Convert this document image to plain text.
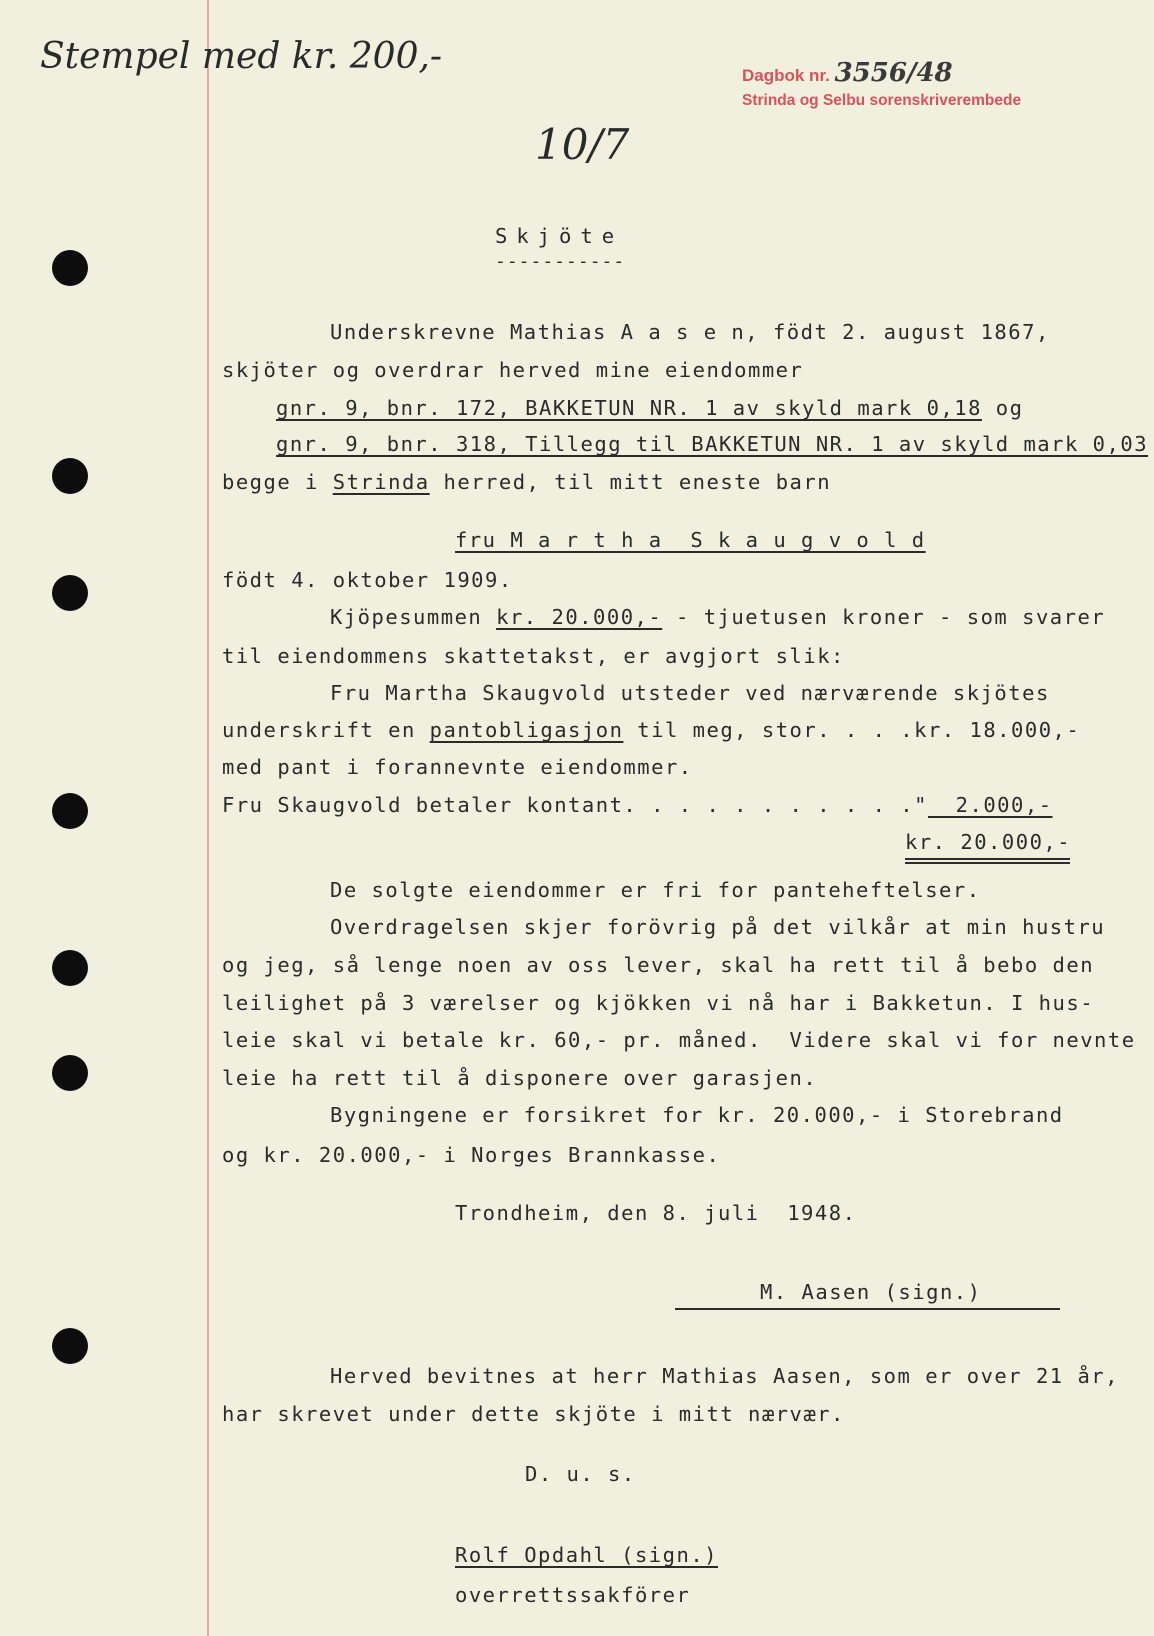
Stempel med kr. 200,-	Dagbok nr. 3556/48
Strinda og Selbu sorenskriverembede
10/7
Skjöte
-----------
Underskrevne Mathias A a s e n, födt 2. august 1867,
skjöter og overdrar herved mine eiendommer
gnr. 9, bnr. 172, BAKKETUN NR. 1 av skyld mark 0,18 og
gnr. 9, bnr. 318, Tillegg til BAKKETUN NR. 1 av skyld mark 0,03
begge i Strinda herred, til mitt eneste barn
fru M a r t h a  S k a u g v o l d
födt 4. oktober 1909.
Kjöpesummen kr. 20.000,- - tjuetusen kroner - som svarer
til eiendommens skattetakst, er avgjort slik:
Fru Martha Skaugvold utsteder ved nærværende skjötes
underskrift en pantobligasjon til meg, stor. . . .kr. 18.000,-
med pant i forannevnte eiendommer.
Fru Skaugvold betaler kontant. . . . . . . . . . ."  2.000,-
kr. 20.000,-
De solgte eiendommer er fri for panteheftelser.
Overdragelsen skjer forövrig på det vilkår at min hustru
og jeg, så lenge noen av oss lever, skal ha rett til å bebo den
leilighet på 3 værelser og kjökken vi nå har i Bakketun. I hus-
leie skal vi betale kr. 60,- pr. måned.  Videre skal vi for nevnte
leie ha rett til å disponere over garasjen.
Bygningene er forsikret for kr. 20.000,- i Storebrand
og kr. 20.000,- i Norges Brannkasse.
Trondheim, den 8. juli  1948.
M. Aasen (sign.)
Herved bevitnes at herr Mathias Aasen, som er over 21 år,
har skrevet under dette skjöte i mitt nærvær.
D. u. s.
Rolf Opdahl (sign.)
overrettssakförer
